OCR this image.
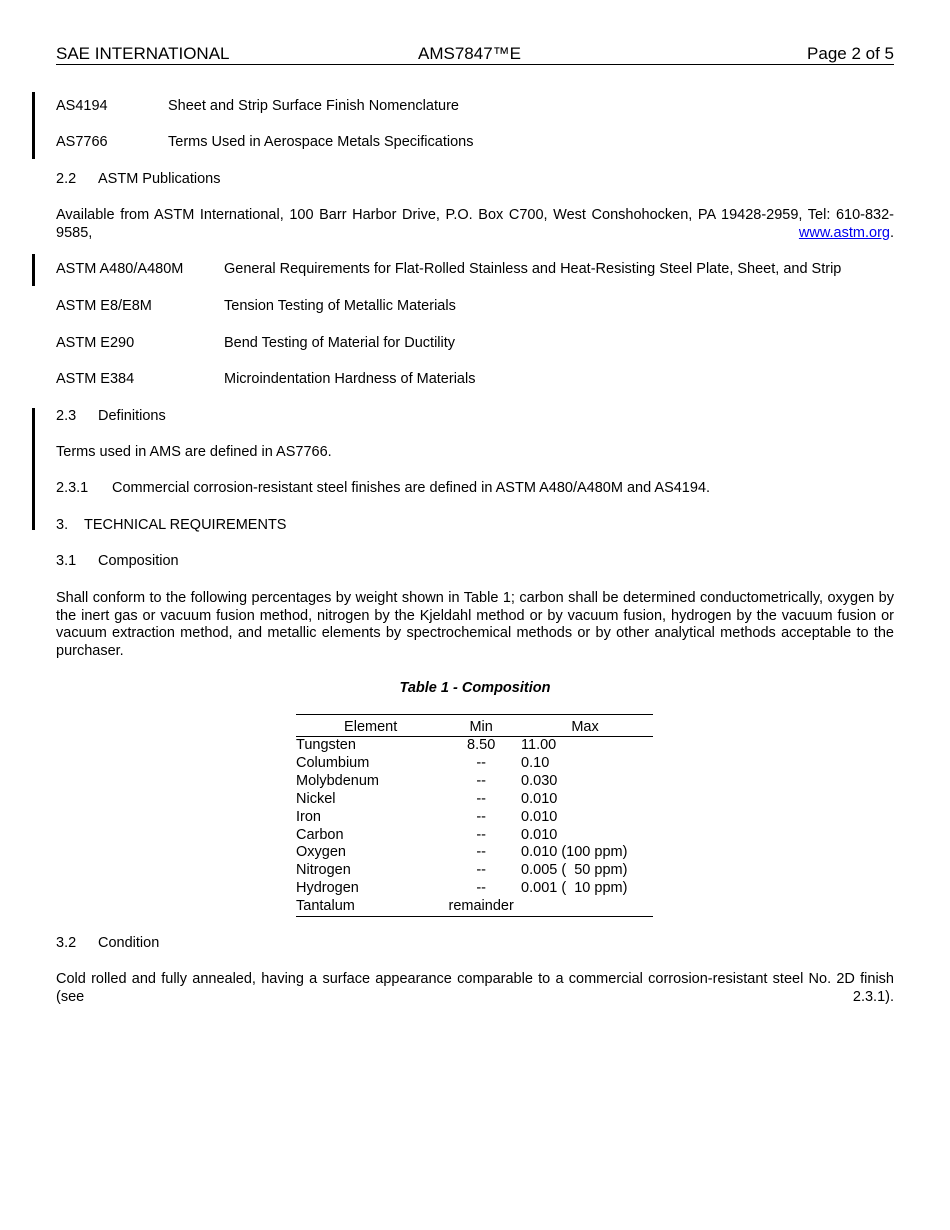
SAE INTERNATIONAL	AMS7847™E	Page 2 of 5
AS4194	Sheet and Strip Surface Finish Nomenclature
AS7766	Terms Used in Aerospace Metals Specifications
2.2 ASTM Publications
Available from ASTM International, 100 Barr Harbor Drive, P.O. Box C700, West Conshohocken, PA 19428-2959, Tel: 610-832-9585, www.astm.org.
ASTM A480/A480M	General Requirements for Flat-Rolled Stainless and Heat-Resisting Steel Plate, Sheet, and Strip
ASTM E8/E8M	Tension Testing of Metallic Materials
ASTM E290	Bend Testing of Material for Ductility
ASTM E384	Microindentation Hardness of Materials
2.3 Definitions
Terms used in AMS are defined in AS7766.
2.3.1 Commercial corrosion-resistant steel finishes are defined in ASTM A480/A480M and AS4194.
3. TECHNICAL REQUIREMENTS
3.1 Composition
Shall conform to the following percentages by weight shown in Table 1; carbon shall be determined conductometrically, oxygen by the inert gas or vacuum fusion method, nitrogen by the Kjeldahl method or by vacuum fusion, hydrogen by the vacuum fusion or vacuum extraction method, and metallic elements by spectrochemical methods or by other analytical methods acceptable to the purchaser.
Table 1 - Composition
Element	Min	Max
Tungsten	8.50	11.00
Columbium	--	0.10
Molybdenum	--	0.030
Nickel	--	0.010
Iron	--	0.010
Carbon	--	0.010
Oxygen	--	0.010 (100 ppm)
Nitrogen	--	0.005 (  50 ppm)
Hydrogen	--	0.001 (  10 ppm)
Tantalum	remainder	
3.2 Condition
Cold rolled and fully annealed, having a surface appearance comparable to a commercial corrosion-resistant steel No. 2D finish (see 2.3.1).
